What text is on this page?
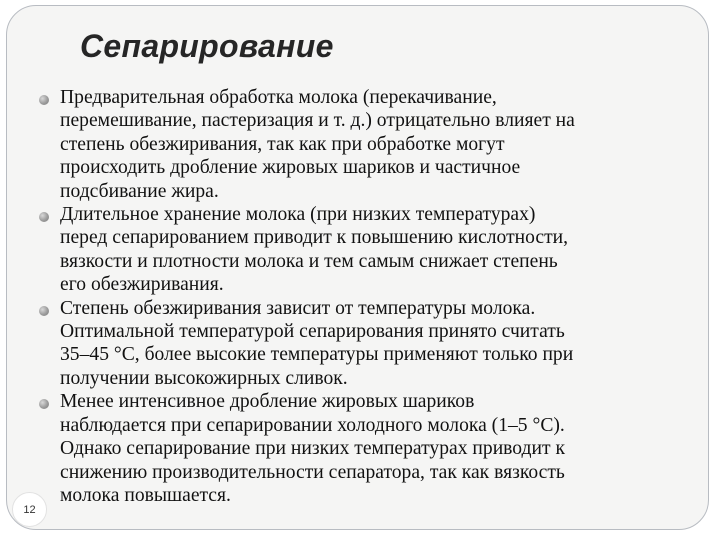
Сепарирование
Предварительная обработка молока (перекачивание,
перемешивание, пастеризация и т. д.) отрицательно влияет на
степень обезжиривания, так как при обработке могут
происходить дробление жировых шариков и частичное
подсбивание жира.
Длительное хранение молока (при низких температурах)
перед сепарированием приводит к повышению кислотности,
вязкости и плотности молока и тем самым снижает степень
его обезжиривания.
Степень обезжиривания зависит от температуры молока.
Оптимальной температурой сепарирования принято считать
35–45 °С, более высокие температуры применяют только при
получении высокожирных сливок.
Менее интенсивное дробление жировых шариков
наблюдается при сепарировании холодного молока (1–5 °С).
Однако сепарирование при низких температурах приводит к
снижению производительности сепаратора, так как вязкость
молока повышается.
12
